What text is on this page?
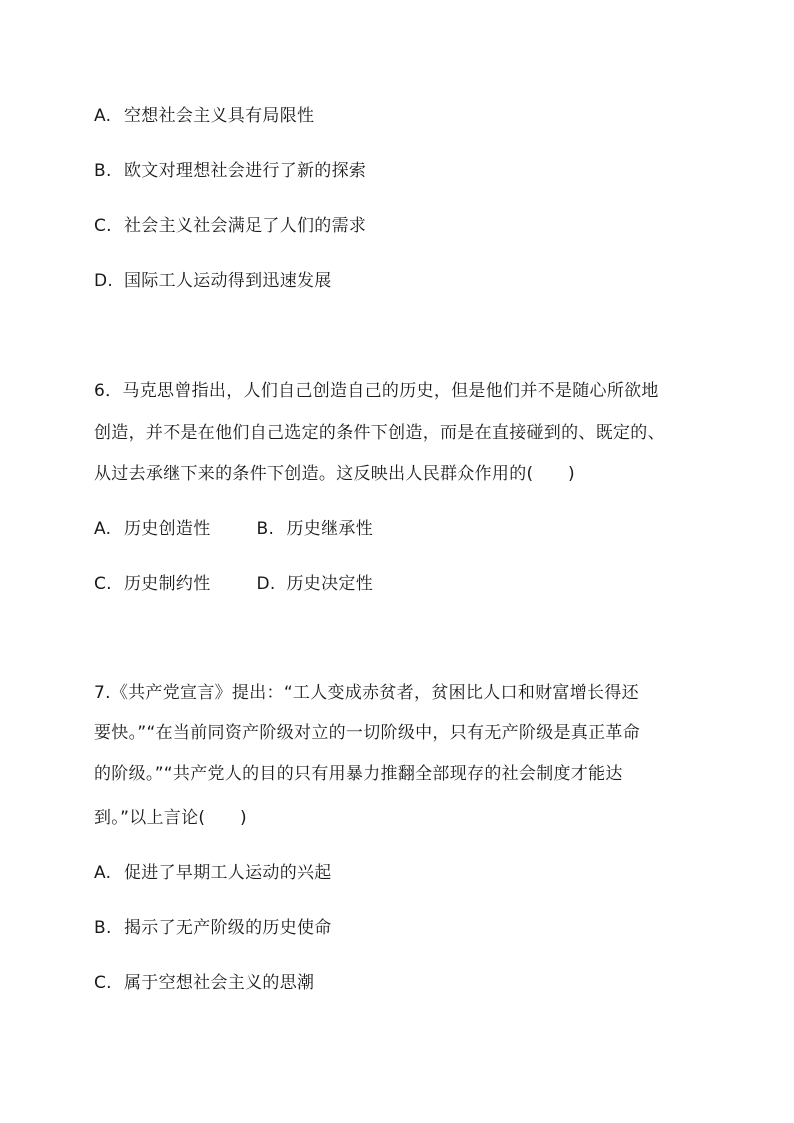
A. 空想社会主义具有局限性
B. 欧文对理想社会进行了新的探索
C. 社会主义社会满足了人们的需求
D. 国际工人运动得到迅速发展
6．马克思曾指出，人们自己创造自己的历史，但是他们并不是随心所欲地
创造，并不是在他们自己选定的条件下创造，而是在直接碰到的、既定的、
从过去承继下来的条件下创造。这反映出人民群众作用的(　　)
A. 历史创造性	B. 历史继承性
C. 历史制约性	D. 历史决定性
7.《共产党宣言》提出：“工人变成赤贫者，贫困比人口和财富增长得还
要快。”“在当前同资产阶级对立的一切阶级中，只有无产阶级是真正革命
的阶级。”“共产党人的目的只有用暴力推翻全部现存的社会制度才能达
到。”以上言论(　　)
A. 促进了早期工人运动的兴起
B. 揭示了无产阶级的历史使命
C. 属于空想社会主义的思潮
